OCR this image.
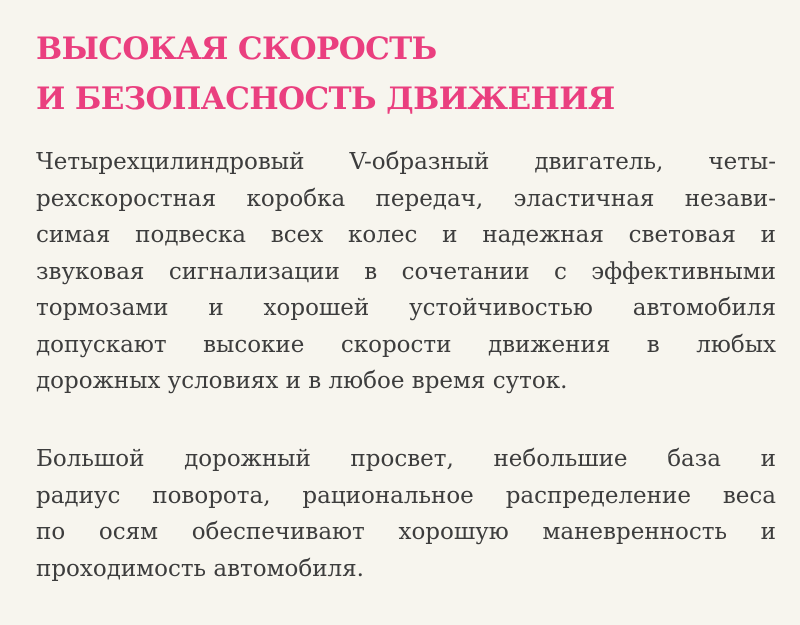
ВЫСОКАЯ СКОРОСТЬ
И БЕЗОПАСНОСТЬ ДВИЖЕНИЯ
Четырехцилиндровый V-образный двигатель, четы-
рехскоростная коробка передач, эластичная незави-
симая подвеска всех колес и надежная световая и
звуковая сигнализации в сочетании с эффективными
тормозами и хорошей устойчивостью автомобиля
допускают высокие скорости движения в любых
дорожных условиях и в любое время суток.
Большой дорожный просвет, небольшие база и
радиус поворота, рациональное распределение веса
по осям обеспечивают хорошую маневренность и
проходимость автомобиля.
